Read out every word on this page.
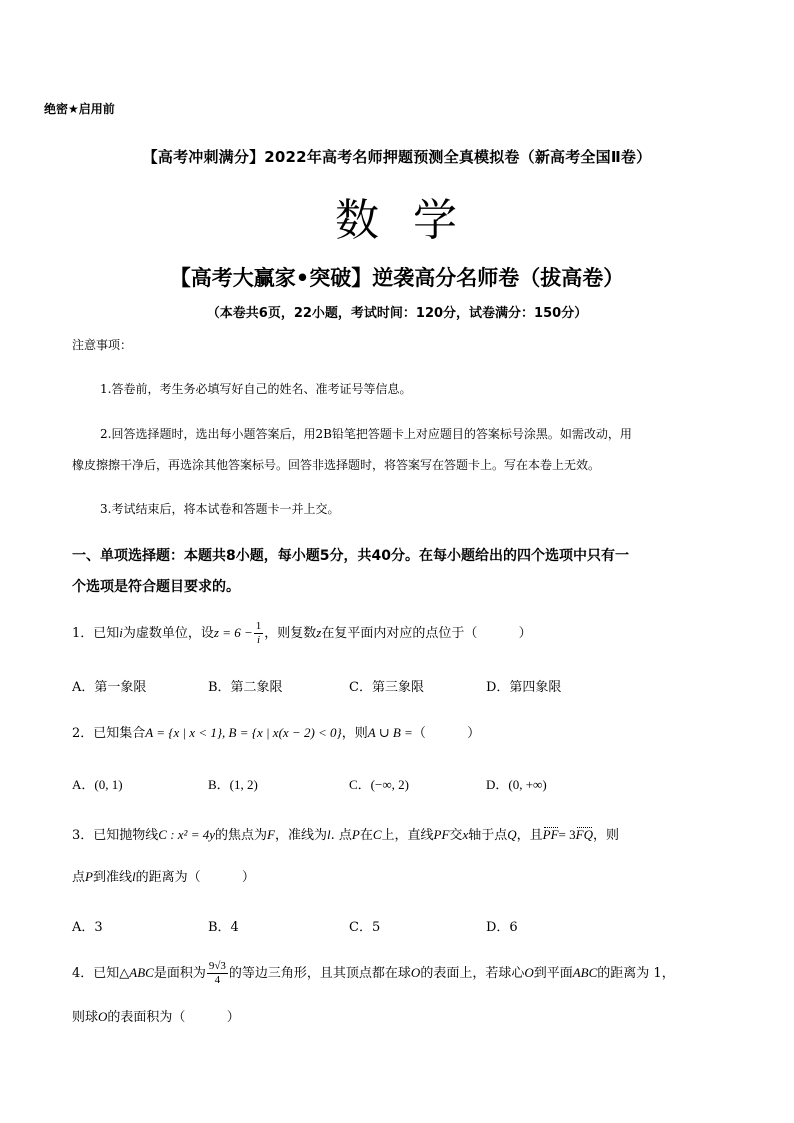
绝密★启用前
【高考冲刺满分】2022年高考名师押题预测全真模拟卷（新高考全国Ⅱ卷）
数  学
【高考大赢家•突破】逆袭高分名师卷（拔高卷）
（本卷共6页，22小题，考试时间：120分，试卷满分：150分）
注意事项：
1.答卷前，考生务必填写好自己的姓名、准考证号等信息。
2.回答选择题时，选出每小题答案后，用2B铅笔把答题卡上对应题目的答案标号涂黑。如需改动，用
橡皮擦擦干净后，再选涂其他答案标号。回答非选择题时，将答案写在答题卡上。写在本卷上无效。
3.考试结束后，将本试卷和答题卡一并上交。
一、单项选择题：本题共8小题，每小题5分，共40分。在每小题给出的四个选项中只有一
个选项是符合题目要求的。
1．已知i为虚数单位，设$z = 6 - \frac{1}{i}$ ，则复数z在复平面内对应的点位于（          ）
A．第一象限	B．第二象限	C．第三象限	D．第四象限
2．已知集合A = {x | x < 1}, B = {x | x(x − 2) < 0}，则A ∪ B =（          ）
A．(0, 1)	B．(1, 2)	C．(−∞, 2)	D．(0, +∞)
3．已知抛物线C : x² = 4y的焦点为F，准线为l. 点P在C上，直线PF交x轴于点Q，且PF= 3FQ，则
点P到准线l的距离为（          ）
A．3	B．4	C．5	D．6
4．已知△ABC是面积为 $\frac{9√3}{4}$ 的等边三角形，且其顶点都在球O的表面上，若球心O到平面ABC的距离为 1，
则球O的表面积为（          ）
